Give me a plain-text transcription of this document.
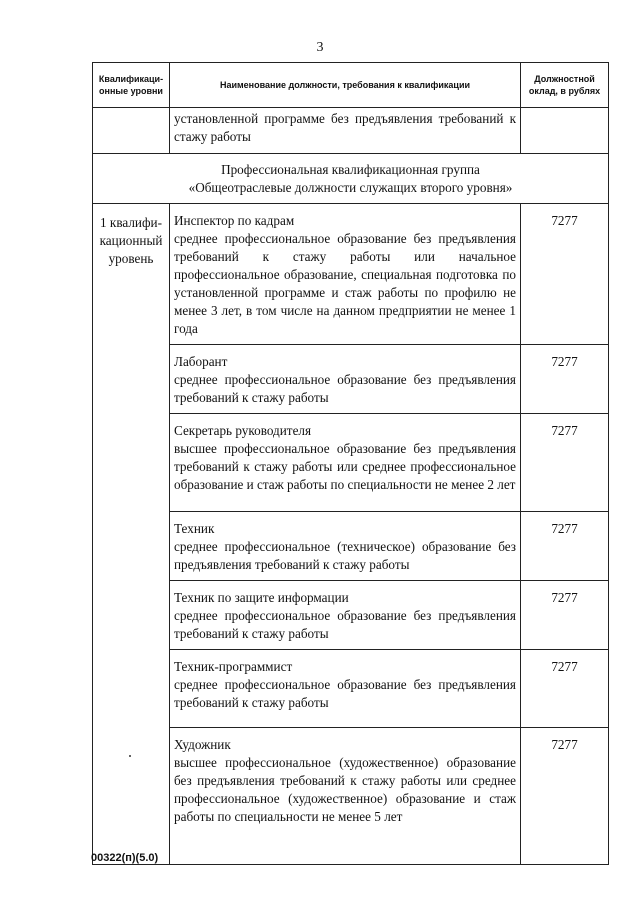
3
Квалификаци-онные уровни	Наименование должности, требования к квалификации	Должностной оклад, в рублях
	установленной программе без предъявления требований к стажу работы	

Профессиональная квалификационная группа
«Общеотраслевые должности служащих второго уровня»		

1 квалифи-кационный уровень	Инспектор по кадрам
среднее профессиональное образование без предъявления требований к стажу работы или начальное профессиональное образование, специальная подготовка по установленной программе и стаж работы по профилю не менее 3 лет, в том числе на данном предприятии не менее 1 года	7277

	Лаборант
среднее профессиональное образование без предъявления требований к стажу работы	7277

	Секретарь руководителя
высшее профессиональное образование без предъявления требований к стажу работы или среднее профессиональное образование и стаж работы по специальности не менее 2 лет	7277

	Техник
среднее профессиональное (техническое) образование без предъявления требований к стажу работы	7277

	Техник по защите информации
среднее профессиональное образование без предъявления требований к стажу работы	7277

	Техник-программист
среднее профессиональное образование без предъявления требований к стажу работы	7277

	Художник
высшее профессиональное (художественное) образование без предъявления требований к стажу работы или среднее профессиональное (художественное) образование и стаж работы по специальности не менее 5 лет	7277
00322(п)(5.0)
